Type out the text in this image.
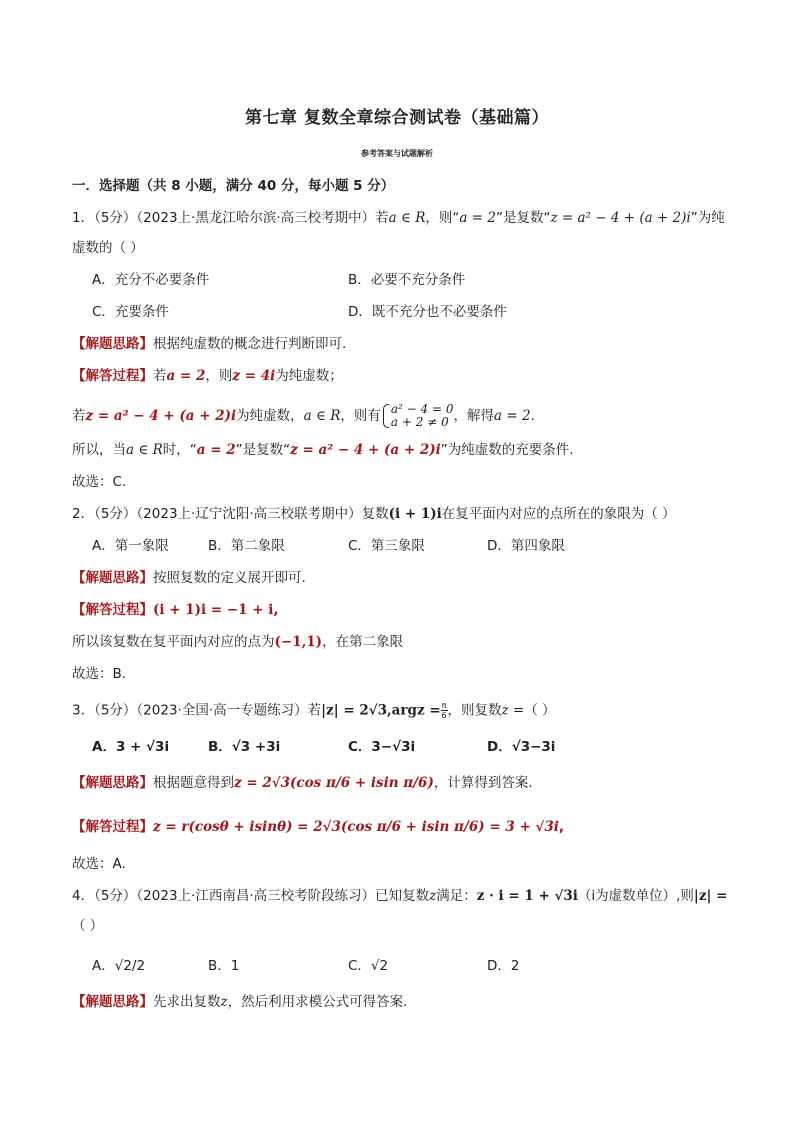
第七章 复数全章综合测试卷（基础篇）
参考答案与试题解析
一．选择题（共 8 小题，满分 40 分，每小题 5 分）
1．（5分）（2023上·黑龙江哈尔滨·高三校考期中）若a ∈ R，则“a = 2”是复数“z = a² − 4 + (a + 2)i”为纯
虚数的（ ）
A．充分不必要条件	B．必要不充分条件
C．充要条件	D．既不充分也不必要条件
【解题思路】根据纯虚数的概念进行判断即可.
【解答过程】若a = 2，则z = 4i为纯虚数；
若z = a² − 4 + (a + 2)i为纯虚数，a ∈ R，则有 a² − 4 = 0
a + 2 ≠ 0 ，解得a = 2.
所以，当a ∈ R时，“a = 2”是复数“z = a² − 4 + (a + 2)i”为纯虚数的充要条件.
故选：C.
2．（5分）（2023上·辽宁沈阳·高三校联考期中）复数(i + 1)i在复平面内对应的点所在的象限为（ ）
A．第一象限	B．第二象限	C．第三象限	D．第四象限
【解题思路】按照复数的定义展开即可.
【解答过程】(i + 1)i = −1 + i,
所以该复数在复平面内对应的点为(−1,1)，在第二象限
故选：B.
3．（5分）（2023·全国·高一专题练习）若|z| = 2√3,argz = $\frac{\pi}{6}$ ，则复数z =（ ）
A．3 + √3i	B．√3 +3i	C．3−√3i	D．√3−3i
【解题思路】根据题意得到z = 2√3(cos π/6 + isin π/6)，计算得到答案.
【解答过程】z = r(cosθ + isinθ) = 2√3(cos π/6 + isin π/6) = 3 + √3i,
故选：A.
4．（5分）（2023上·江西南昌·高三校考阶段练习）已知复数z满足：z · i = 1 + √3i（i为虚数单位）,则|z| =
（ ）
A．√2/2	B．1	C．√2	D．2
【解题思路】先求出复数z，然后利用求模公式可得答案.
